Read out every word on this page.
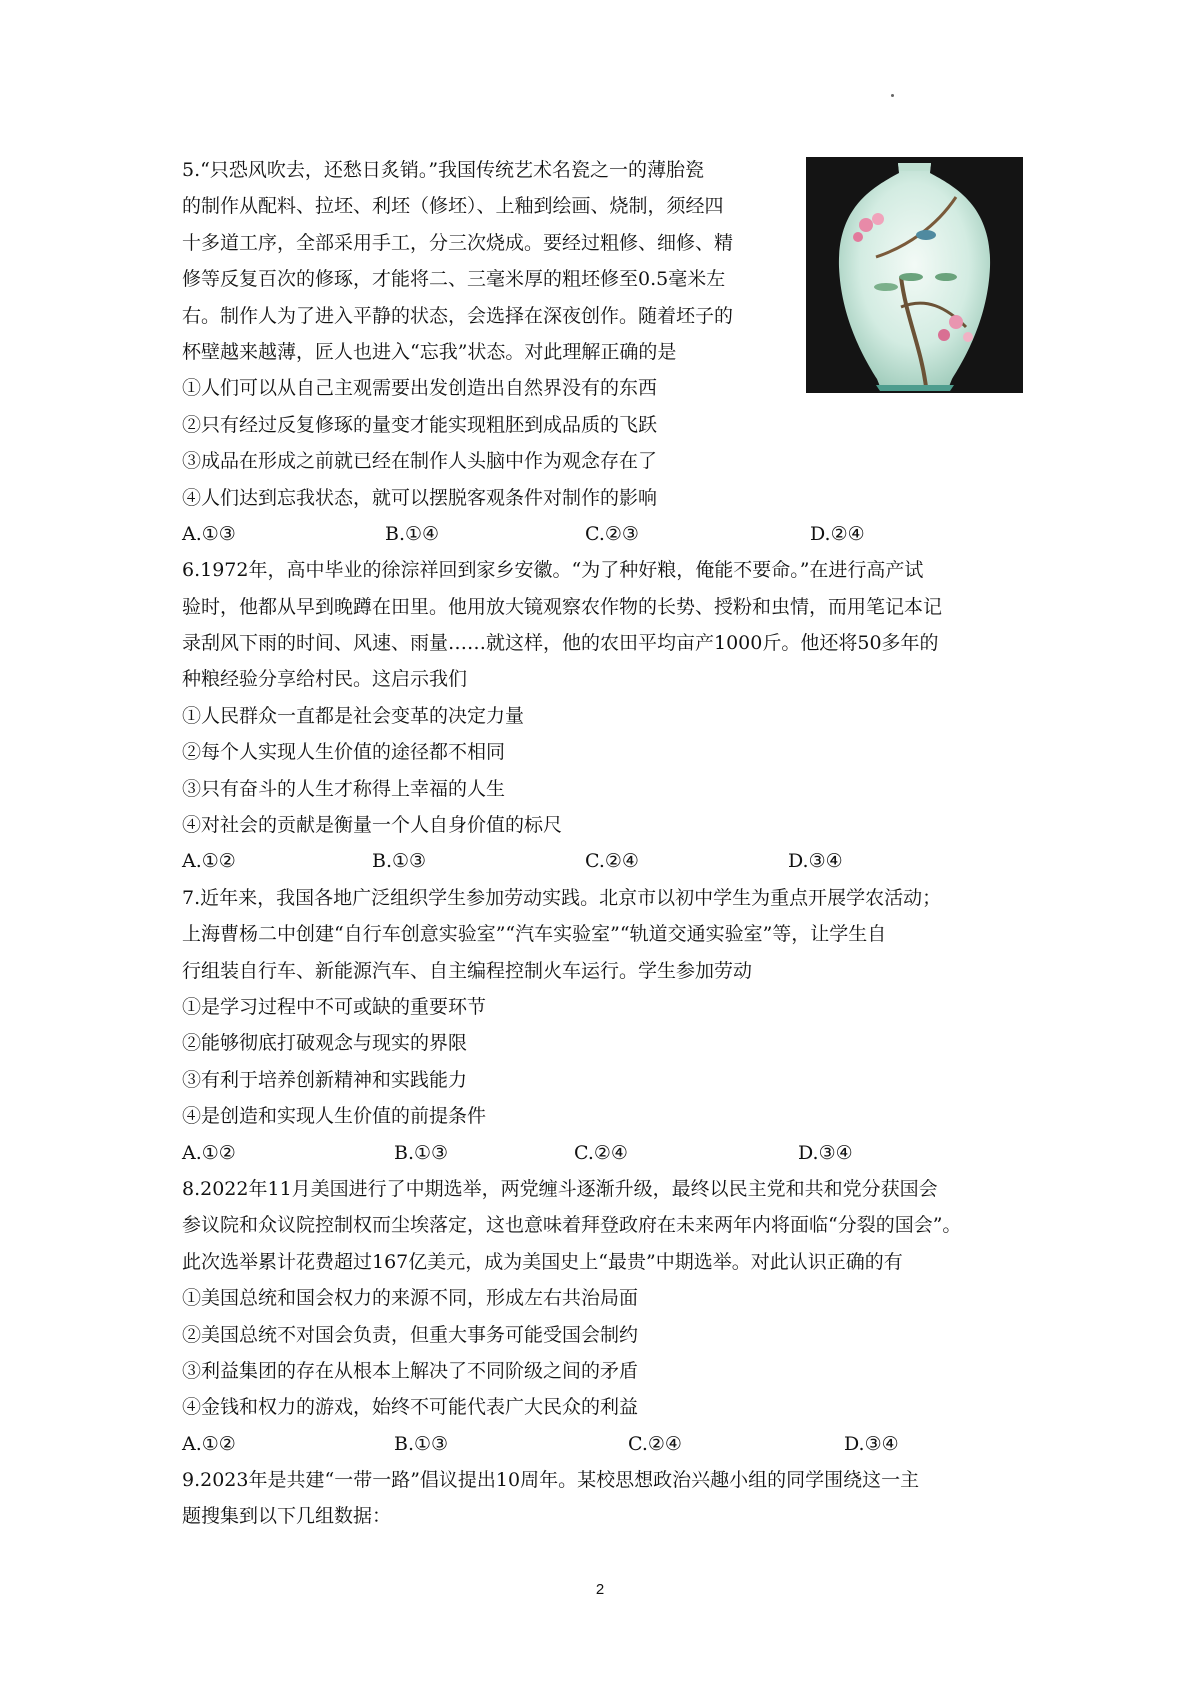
5.“只恐风吹去，还愁日炙销。”我国传统艺术名瓷之一的薄胎瓷
的制作从配料、拉坯、利坯（修坯）、上釉到绘画、烧制，须经四
十多道工序，全部采用手工，分三次烧成。要经过粗修、细修、精
修等反复百次的修琢，才能将二、三毫米厚的粗坯修至0.5毫米左
右。制作人为了进入平静的状态，会选择在深夜创作。随着坯子的
杯壁越来越薄，匠人也进入“忘我”状态。对此理解正确的是
①人们可以从自己主观需要出发创造出自然界没有的东西
②只有经过反复修琢的量变才能实现粗胚到成品质的飞跃
③成品在形成之前就已经在制作人头脑中作为观念存在了
④人们达到忘我状态，就可以摆脱客观条件对制作的影响
A.①③	B.①④	C.②③	D.②④
6.1972年，高中毕业的徐淙祥回到家乡安徽。“为了种好粮，俺能不要命。”在进行高产试
验时，他都从早到晚蹲在田里。他用放大镜观察农作物的长势、授粉和虫情，而用笔记本记
录刮风下雨的时间、风速、雨量……就这样，他的农田平均亩产1000斤。他还将50多年的
种粮经验分享给村民。这启示我们
①人民群众一直都是社会变革的决定力量
②每个人实现人生价值的途径都不相同
③只有奋斗的人生才称得上幸福的人生
④对社会的贡献是衡量一个人自身价值的标尺
A.①②	B.①③	C.②④	D.③④
7.近年来，我国各地广泛组织学生参加劳动实践。北京市以初中学生为重点开展学农活动；
上海曹杨二中创建“自行车创意实验室”“汽车实验室”“轨道交通实验室”等，让学生自
行组装自行车、新能源汽车、自主编程控制火车运行。学生参加劳动
①是学习过程中不可或缺的重要环节
②能够彻底打破观念与现实的界限
③有利于培养创新精神和实践能力
④是创造和实现人生价值的前提条件
A.①②	B.①③	C.②④	D.③④
8.2022年11月美国进行了中期选举，两党缠斗逐渐升级，最终以民主党和共和党分获国会
参议院和众议院控制权而尘埃落定，这也意味着拜登政府在未来两年内将面临“分裂的国会”。
此次选举累计花费超过167亿美元，成为美国史上“最贵”中期选举。对此认识正确的有
①美国总统和国会权力的来源不同，形成左右共治局面
②美国总统不对国会负责，但重大事务可能受国会制约
③利益集团的存在从根本上解决了不同阶级之间的矛盾
④金钱和权力的游戏，始终不可能代表广大民众的利益
A.①②	B.①③	C.②④	D.③④
9.2023年是共建“一带一路”倡议提出10周年。某校思想政治兴趣小组的同学围绕这一主
题搜集到以下几组数据：
2
